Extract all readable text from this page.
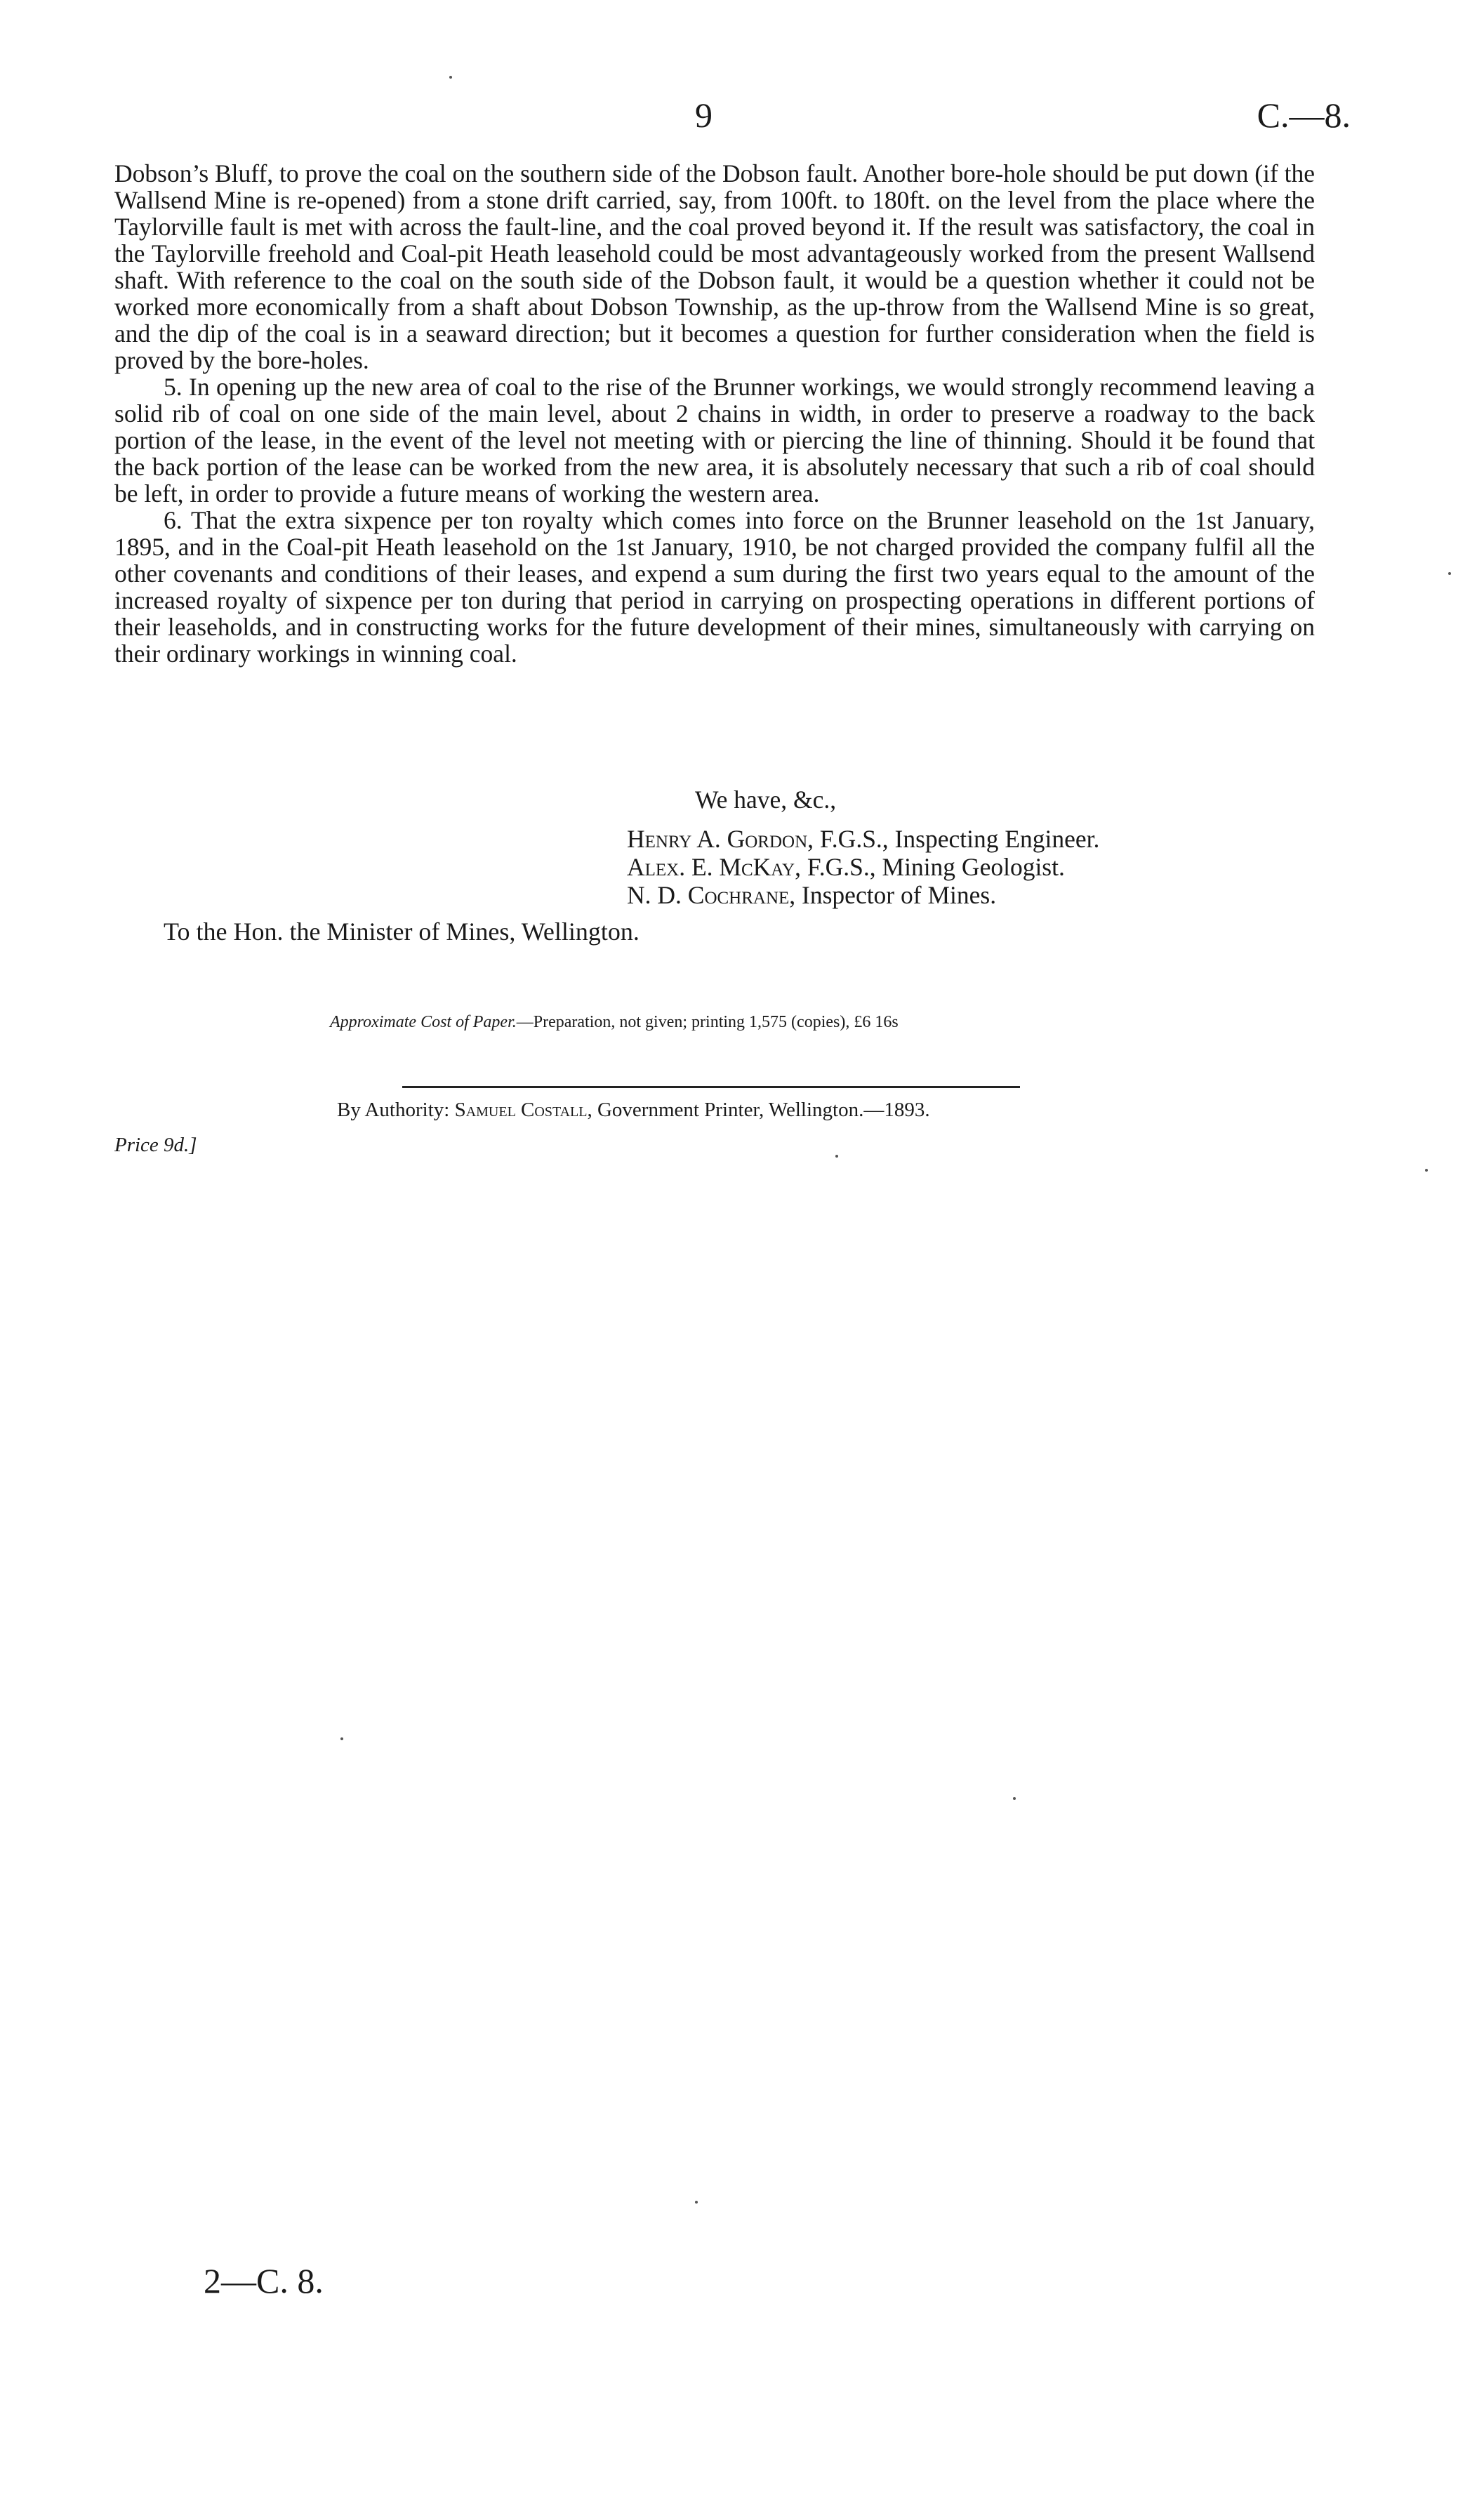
9	C.—8.

Dobson’s Bluff, to prove the coal on the southern side of the Dobson fault. Another bore-hole should be put down (if the Wallsend Mine is re-opened) from a stone drift carried, say, from 100ft. to 180ft. on the level from the place where the Taylorville fault is met with across the fault-line, and the coal proved beyond it. If the result was satisfactory, the coal in the Taylorville freehold and Coal-pit Heath leasehold could be most advantageously worked from the present Wallsend shaft. With reference to the coal on the south side of the Dobson fault, it would be a question whether it could not be worked more economically from a shaft about Dobson Township, as the up-throw from the Wallsend Mine is so great, and the dip of the coal is in a seaward direction; but it becomes a question for further consideration when the field is proved by the bore-holes.

5. In opening up the new area of coal to the rise of the Brunner workings, we would strongly recommend leaving a solid rib of coal on one side of the main level, about 2 chains in width, in order to preserve a roadway to the back portion of the lease, in the event of the level not meeting with or piercing the line of thinning. Should it be found that the back portion of the lease can be worked from the new area, it is absolutely necessary that such a rib of coal should be left, in order to provide a future means of working the western area.

6. That the extra sixpence per ton royalty which comes into force on the Brunner leasehold on the 1st January, 1895, and in the Coal-pit Heath leasehold on the 1st January, 1910, be not charged provided the company fulfil all the other covenants and conditions of their leases, and expend a sum during the first two years equal to the amount of the increased royalty of sixpence per ton during that period in carrying on prospecting operations in different portions of their leaseholds, and in constructing works for the future development of their mines, simultaneously with carrying on their ordinary workings in winning coal.

We have, &c.,
Henry A. Gordon, F.G.S., Inspecting Engineer.
Alex. E. McKay, F.G.S., Mining Geologist.
N. D. Cochrane, Inspector of Mines.
To the Hon. the Minister of Mines, Wellington.
Approximate Cost of Paper.—Preparation, not given; printing 1,575 (copies), £6 16s
By Authority: Samuel Costall, Government Printer, Wellington.—1893.
Price 9d.]
2—C. 8.
